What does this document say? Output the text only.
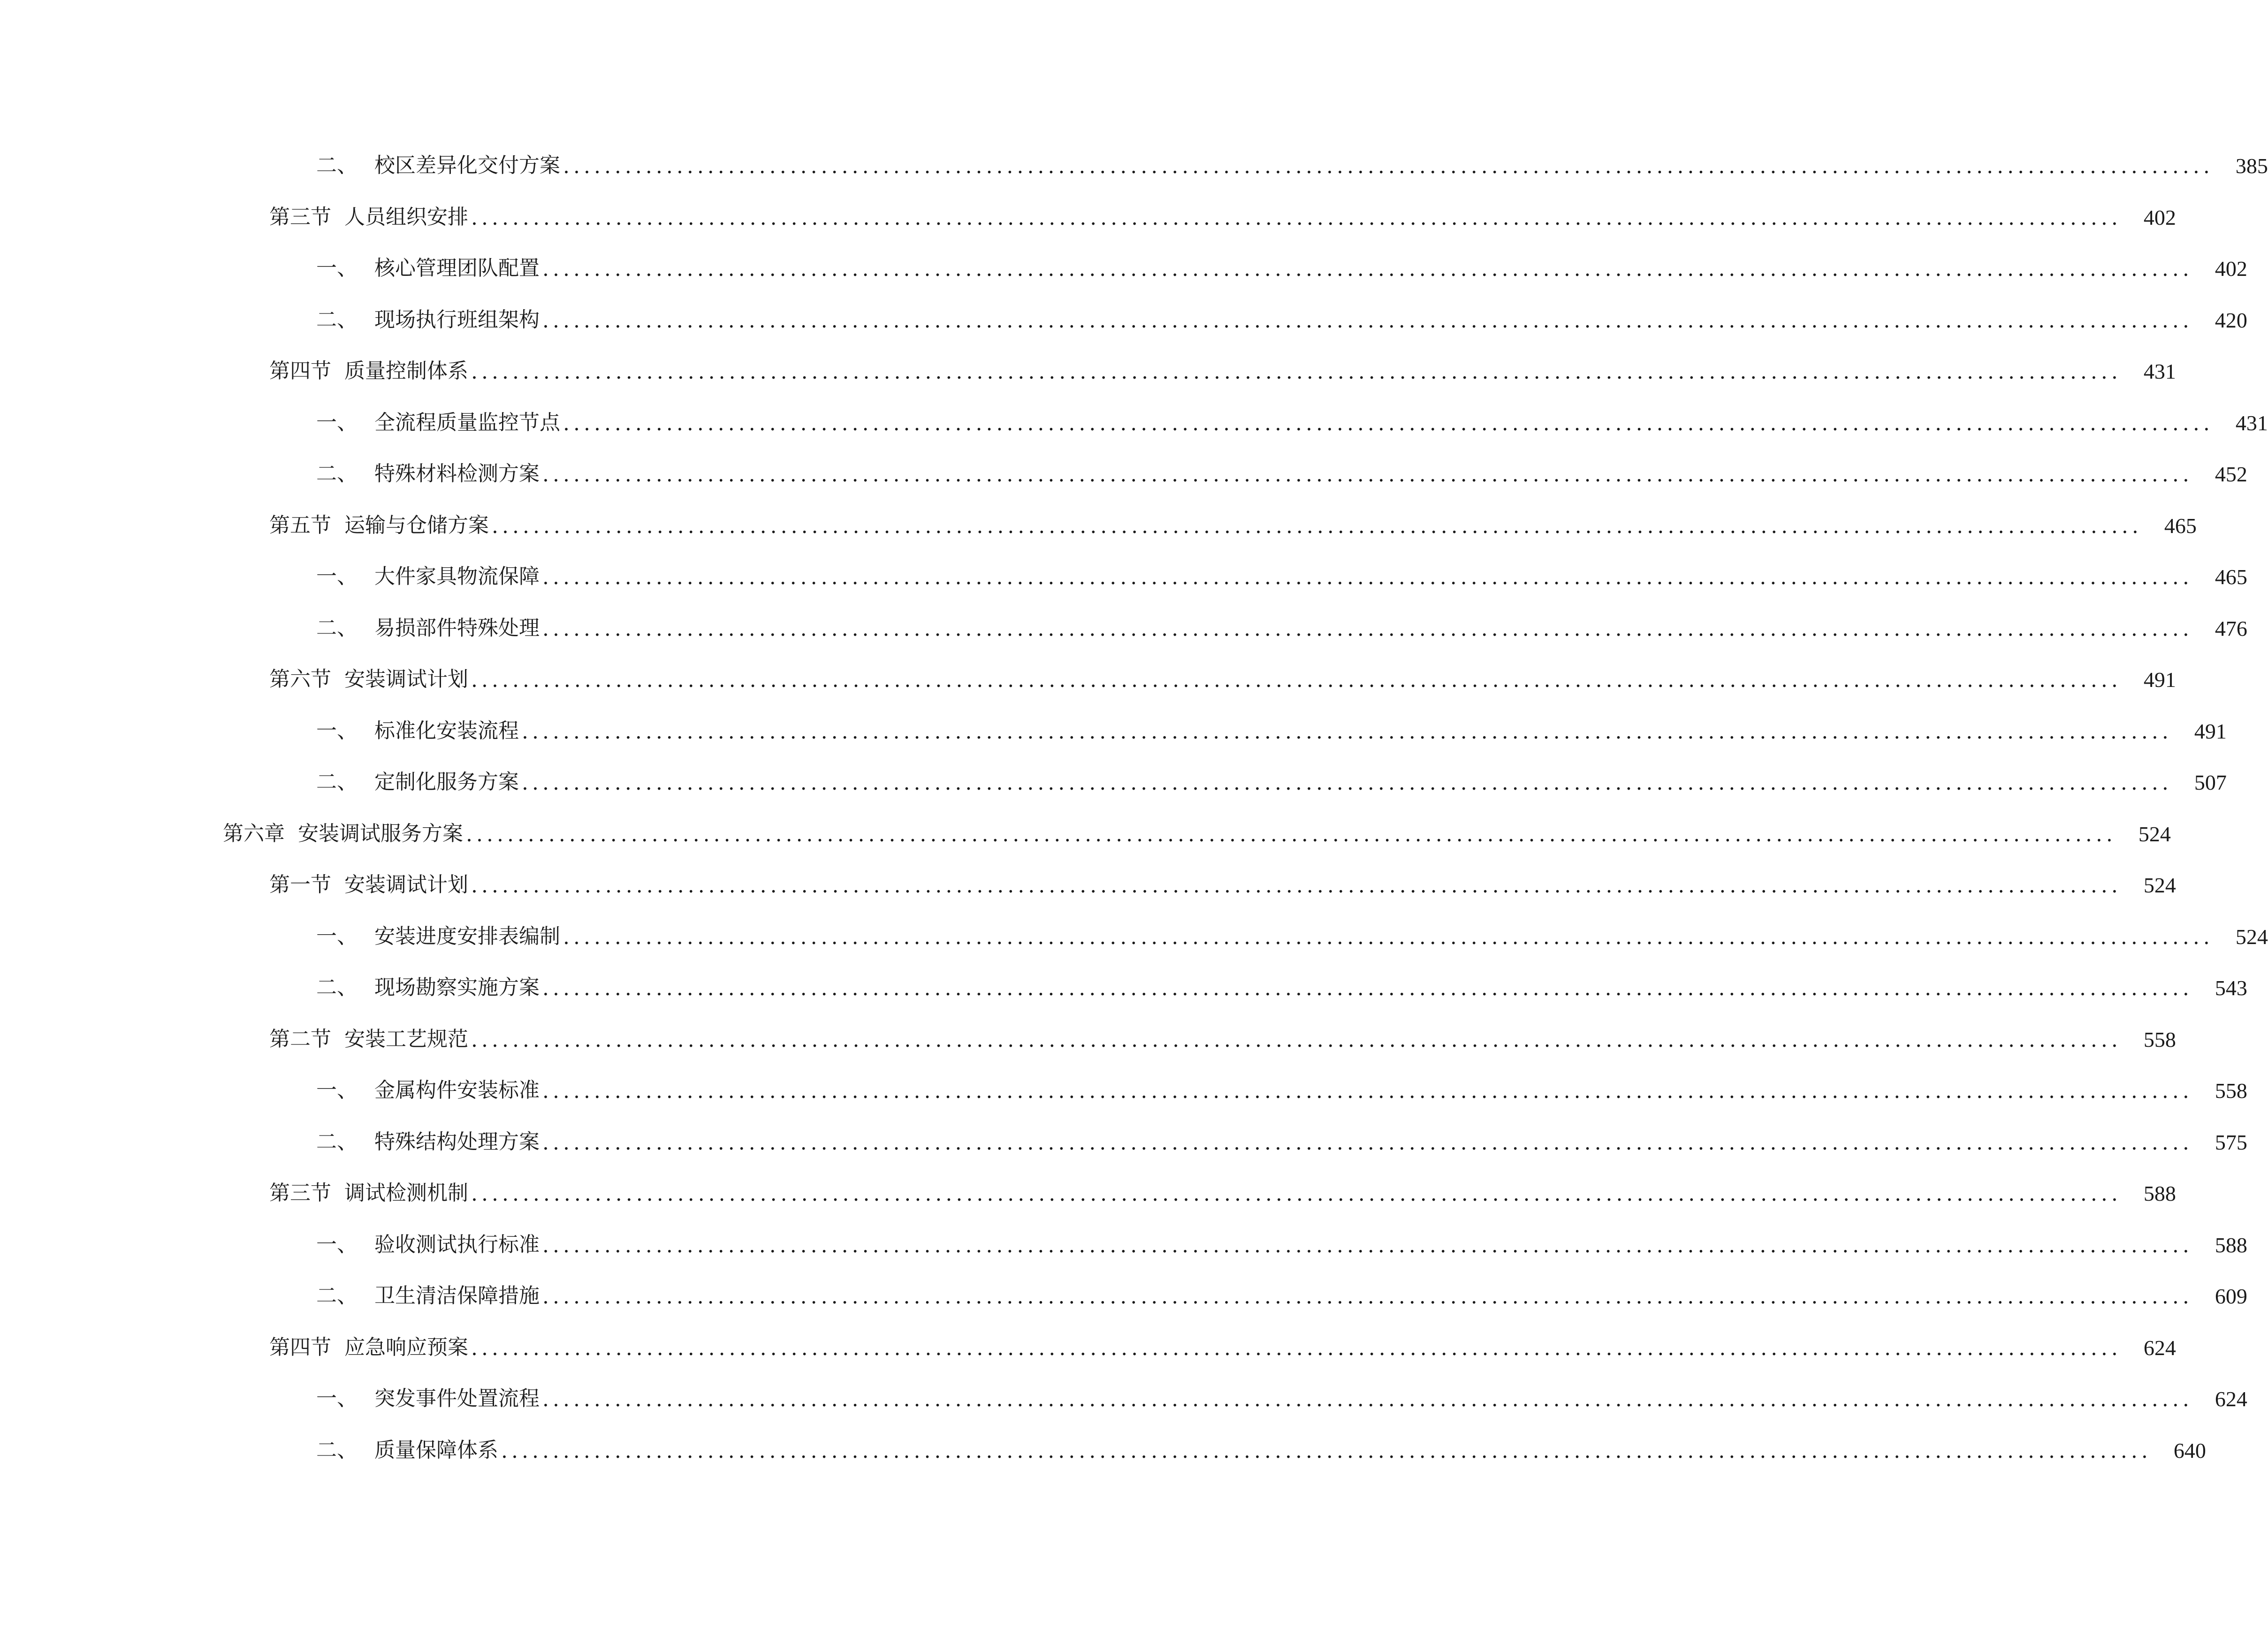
二、 校区差异化交付方案 ................................................................................................................................................................	385
第三节 人员组织安排 ................................................................................................................................................................	402
一、 核心管理团队配置 ................................................................................................................................................................	402
二、 现场执行班组架构 ................................................................................................................................................................	420
第四节 质量控制体系 ................................................................................................................................................................	431
一、 全流程质量监控节点 ................................................................................................................................................................	431
二、 特殊材料检测方案 ................................................................................................................................................................	452
第五节 运输与仓储方案 ................................................................................................................................................................	465
一、 大件家具物流保障 ................................................................................................................................................................	465
二、 易损部件特殊处理 ................................................................................................................................................................	476
第六节 安装调试计划 ................................................................................................................................................................	491
一、 标准化安装流程 ................................................................................................................................................................	491
二、 定制化服务方案 ................................................................................................................................................................	507
第六章 安装调试服务方案 ................................................................................................................................................................	524
第一节 安装调试计划 ................................................................................................................................................................	524
一、 安装进度安排表编制 ................................................................................................................................................................	524
二、 现场勘察实施方案 ................................................................................................................................................................	543
第二节 安装工艺规范 ................................................................................................................................................................	558
一、 金属构件安装标准 ................................................................................................................................................................	558
二、 特殊结构处理方案 ................................................................................................................................................................	575
第三节 调试检测机制 ................................................................................................................................................................	588
一、 验收测试执行标准 ................................................................................................................................................................	588
二、 卫生清洁保障措施 ................................................................................................................................................................	609
第四节 应急响应预案 ................................................................................................................................................................	624
一、 突发事件处置流程 ................................................................................................................................................................	624
二、 质量保障体系 ................................................................................................................................................................	640
